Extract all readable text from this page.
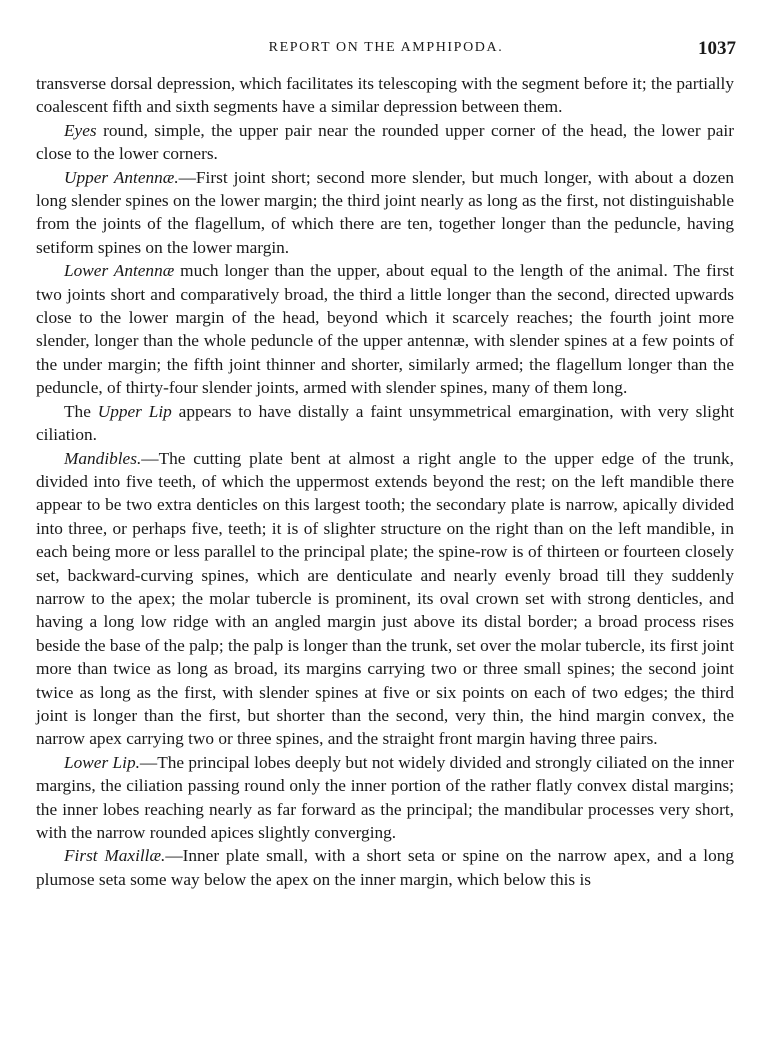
REPORT ON THE AMPHIPODA.	1037

transverse dorsal depression, which facilitates its telescoping with the segment before it; the partially coalescent fifth and sixth segments have a similar depression between them.

Eyes round, simple, the upper pair near the rounded upper corner of the head, the lower pair close to the lower corners.

Upper Antennæ.—First joint short; second more slender, but much longer, with about a dozen long slender spines on the lower margin; the third joint nearly as long as the first, not distinguishable from the joints of the flagellum, of which there are ten, together longer than the peduncle, having setiform spines on the lower margin.

Lower Antennæ much longer than the upper, about equal to the length of the animal. The first two joints short and comparatively broad, the third a little longer than the second, directed upwards close to the lower margin of the head, beyond which it scarcely reaches; the fourth joint more slender, longer than the whole peduncle of the upper antennæ, with slender spines at a few points of the under margin; the fifth joint thinner and shorter, similarly armed; the flagellum longer than the peduncle, of thirty-four slender joints, armed with slender spines, many of them long.

The Upper Lip appears to have distally a faint unsymmetrical emargination, with very slight ciliation.

Mandibles.—The cutting plate bent at almost a right angle to the upper edge of the trunk, divided into five teeth, of which the uppermost extends beyond the rest; on the left mandible there appear to be two extra denticles on this largest tooth; the secondary plate is narrow, apically divided into three, or perhaps five, teeth; it is of slighter structure on the right than on the left mandible, in each being more or less parallel to the principal plate; the spine-row is of thirteen or fourteen closely set, backward-curving spines, which are denticulate and nearly evenly broad till they suddenly narrow to the apex; the molar tubercle is prominent, its oval crown set with strong denticles, and having a long low ridge with an angled margin just above its distal border; a broad process rises beside the base of the palp; the palp is longer than the trunk, set over the molar tubercle, its first joint more than twice as long as broad, its margins carrying two or three small spines; the second joint twice as long as the first, with slender spines at five or six points on each of two edges; the third joint is longer than the first, but shorter than the second, very thin, the hind margin convex, the narrow apex carrying two or three spines, and the straight front margin having three pairs.

Lower Lip.—The principal lobes deeply but not widely divided and strongly ciliated on the inner margins, the ciliation passing round only the inner portion of the rather flatly convex distal margins; the inner lobes reaching nearly as far forward as the principal; the mandibular processes very short, with the narrow rounded apices slightly converging.

First Maxillæ.—Inner plate small, with a short seta or spine on the narrow apex, and a long plumose seta some way below the apex on the inner margin, which below this is
